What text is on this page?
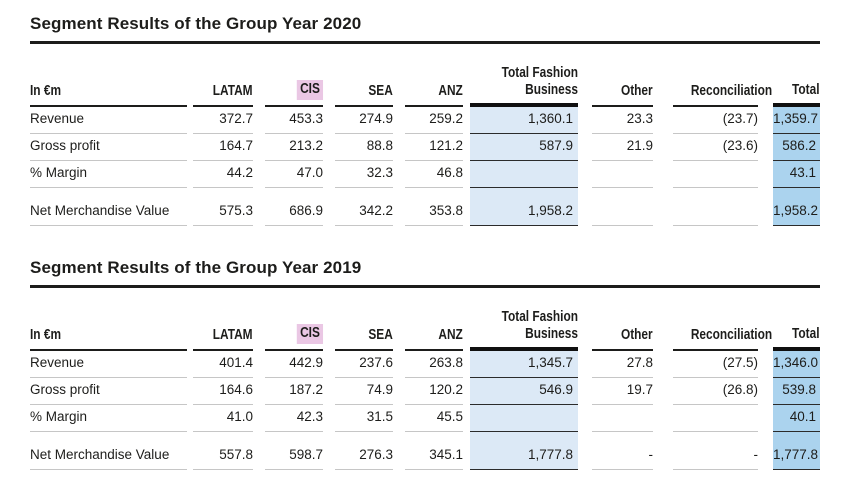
Segment Results of the Group Year 2020
In €m		LATAM		CIS		SEA		ANZ		Total Fashion Business		Other		Reconciliation		Total
Revenue		372.7		453.3		274.9		259.2		1,360.1		23.3		(23.7)		1,359.7
Gross profit		164.7		213.2		88.8		121.2		587.9		21.9		(23.6)		586.2
% Margin		44.2		47.0		32.3		46.8								43.1
Net Merchandise Value		575.3		686.9		342.2		353.8		1,958.2						1,958.2
Segment Results of the Group Year 2019
In €m		LATAM		CIS		SEA		ANZ		Total Fashion Business		Other		Reconciliation		Total
Revenue		401.4		442.9		237.6		263.8		1,345.7		27.8		(27.5)		1,346.0
Gross profit		164.6		187.2		74.9		120.2		546.9		19.7		(26.8)		539.8
% Margin		41.0		42.3		31.5		45.5								40.1
Net Merchandise Value		557.8		598.7		276.3		345.1		1,777.8		-		-		1,777.8
